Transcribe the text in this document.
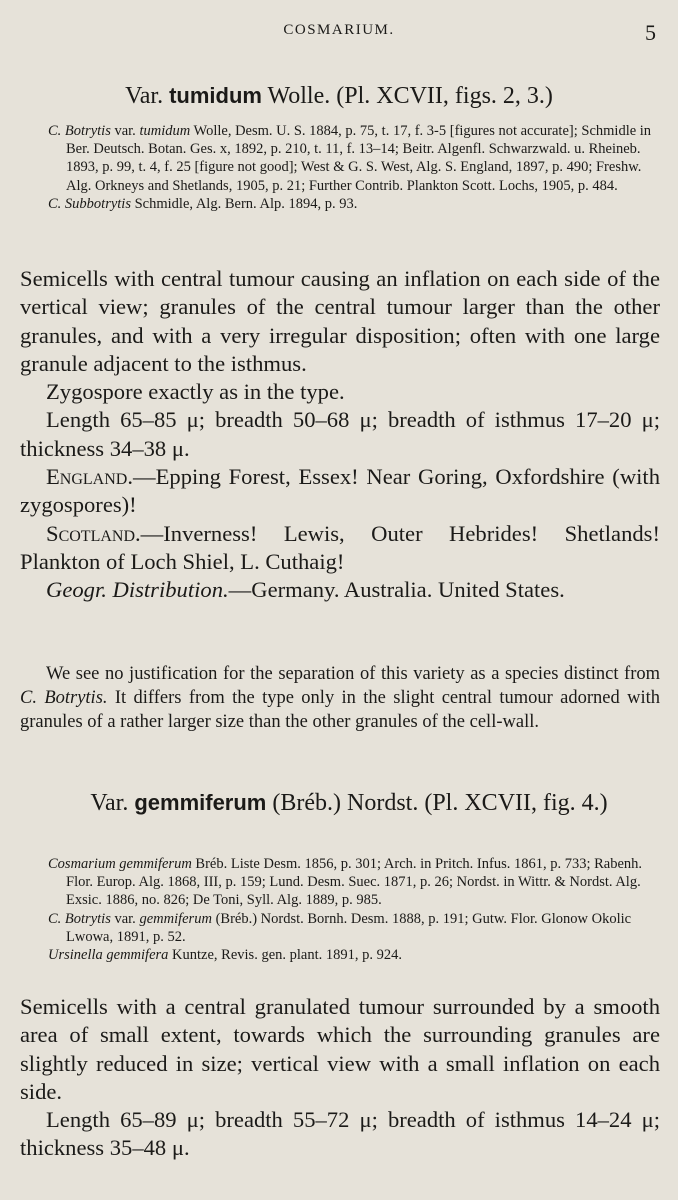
COSMARIUM.	5
Var. tumidum Wolle. (Pl. XCVII, figs. 2, 3.)
C. Botrytis var. tumidum Wolle, Desm. U. S. 1884, p. 75, t. 17, f. 3-5 [figures not accurate]; Schmidle in Ber. Deutsch. Botan. Ges. x, 1892, p. 210, t. 11, f. 13–14; Beitr. Algenfl. Schwarzwald. u. Rheineb. 1893, p. 99, t. 4, f. 25 [figure not good]; West & G. S. West, Alg. S. England, 1897, p. 490; Freshw. Alg. Orkneys and Shetlands, 1905, p. 21; Further Contrib. Plankton Scott. Lochs, 1905, p. 484.
C. Subbotrytis Schmidle, Alg. Bern. Alp. 1894, p. 93.

Semicells with central tumour causing an inflation on each side of the vertical view; granules of the central tumour larger than the other granules, and with a very irregular disposition; often with one large granule adjacent to the isthmus.

Zygospore exactly as in the type.

Length 65–85 μ; breadth 50–68 μ; breadth of isthmus 17–20 μ; thickness 34–38 μ.

England.—Epping Forest, Essex! Near Goring, Oxfordshire (with zygospores)!

Scotland.—Inverness! Lewis, Outer Hebrides! Shetlands! Plankton of Loch Shiel, L. Cuthaig!

Geogr. Distribution.—Germany. Australia. United States.

We see no justification for the separation of this variety as a species distinct from C. Botrytis. It differs from the type only in the slight central tumour adorned with granules of a rather larger size than the other granules of the cell-wall.

Var. gemmiferum (Bréb.) Nordst. (Pl. XCVII, fig. 4.)
Cosmarium gemmiferum Bréb. Liste Desm. 1856, p. 301; Arch. in Pritch. Infus. 1861, p. 733; Rabenh. Flor. Europ. Alg. 1868, III, p. 159; Lund. Desm. Suec. 1871, p. 26; Nordst. in Wittr. & Nordst. Alg. Exsic. 1886, no. 826; De Toni, Syll. Alg. 1889, p. 985.
C. Botrytis var. gemmiferum (Bréb.) Nordst. Bornh. Desm. 1888, p. 191; Gutw. Flor. Glonow Okolic Lwowa, 1891, p. 52.
Ursinella gemmifera Kuntze, Revis. gen. plant. 1891, p. 924.

Semicells with a central granulated tumour surrounded by a smooth area of small extent, towards which the surrounding granules are slightly reduced in size; vertical view with a small inflation on each side.

Length 65–89 μ; breadth 55–72 μ; breadth of isthmus 14–24 μ; thickness 35–48 μ.
